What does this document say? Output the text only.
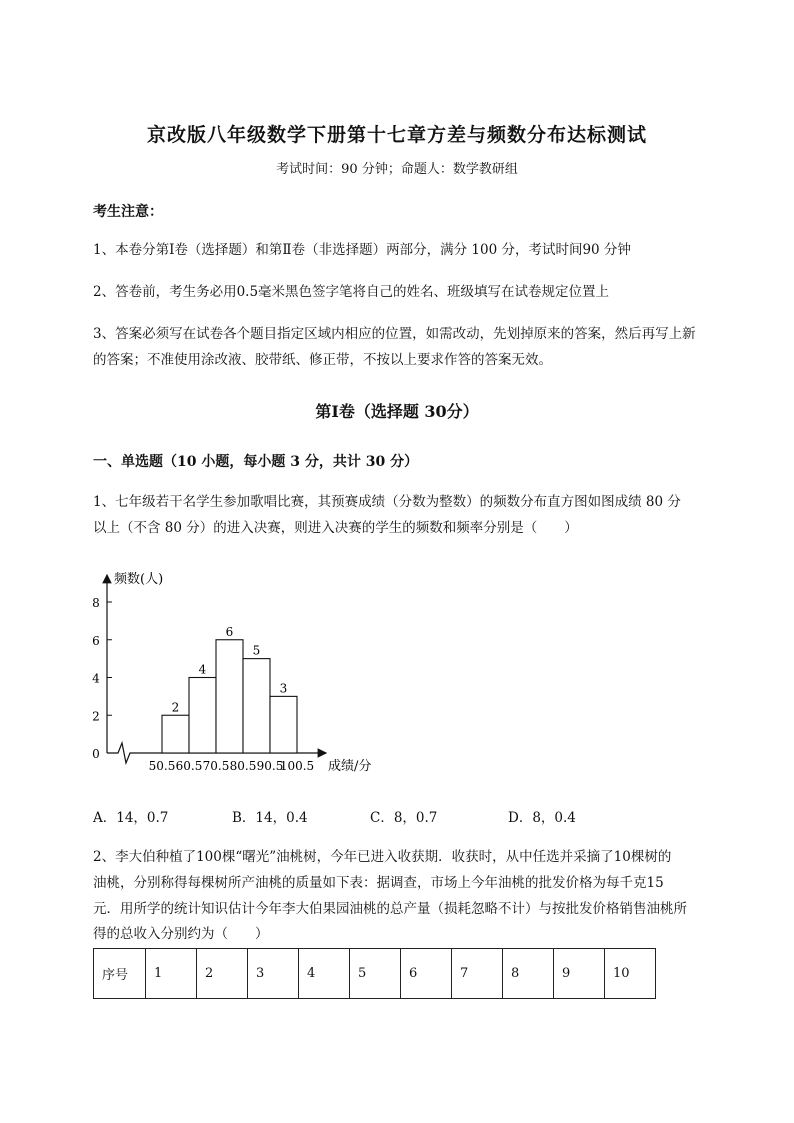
京改版八年级数学下册第十七章方差与频数分布达标测试
考试时间：90 分钟；命题人：数学教研组
考生注意：
1、本卷分第Ⅰ卷（选择题）和第Ⅱ卷（非选择题）两部分，满分 100 分，考试时间90 分钟
2、答卷前，考生务必用0.5毫米黑色签字笔将自己的姓名、班级填写在试卷规定位置上
3、答案必须写在试卷各个题目指定区域内相应的位置，如需改动，先划掉原来的答案，然后再写上新
的答案；不准使用涂改液、胶带纸、修正带，不按以上要求作答的答案无效。
第Ⅰ卷（选择题 30分）
一、单选题（10 小题，每小题 3 分，共计 30 分）
1、七年级若干名学生参加歌唱比赛，其预赛成绩（分数为整数）的频数分布直方图如图成绩 80 分
以上（不含 80 分）的进入决赛，则进入决赛的学生的频数和频率分别是（　　）
频数(人)
成绩/分
8
6
4
2
0
2
4
6
5
3
50.5 60.5 70.5 80.5 90.5
100.5
A．14，0.7	B．14，0.4	C．8，0.7	D．8，0.4
2、李大伯种植了100棵“曙光”油桃树，今年已进入收获期．收获时，从中任选并采摘了10棵树的
油桃，分别称得每棵树所产油桃的质量如下表：据调查，市场上今年油桃的批发价格为每千克15
元．用所学的统计知识估计今年李大伯果园油桃的总产量（损耗忽略不计）与按批发价格销售油桃所
得的总收入分别约为（　　）
序号	1	2	3	4	5	6	7	8	9	10
